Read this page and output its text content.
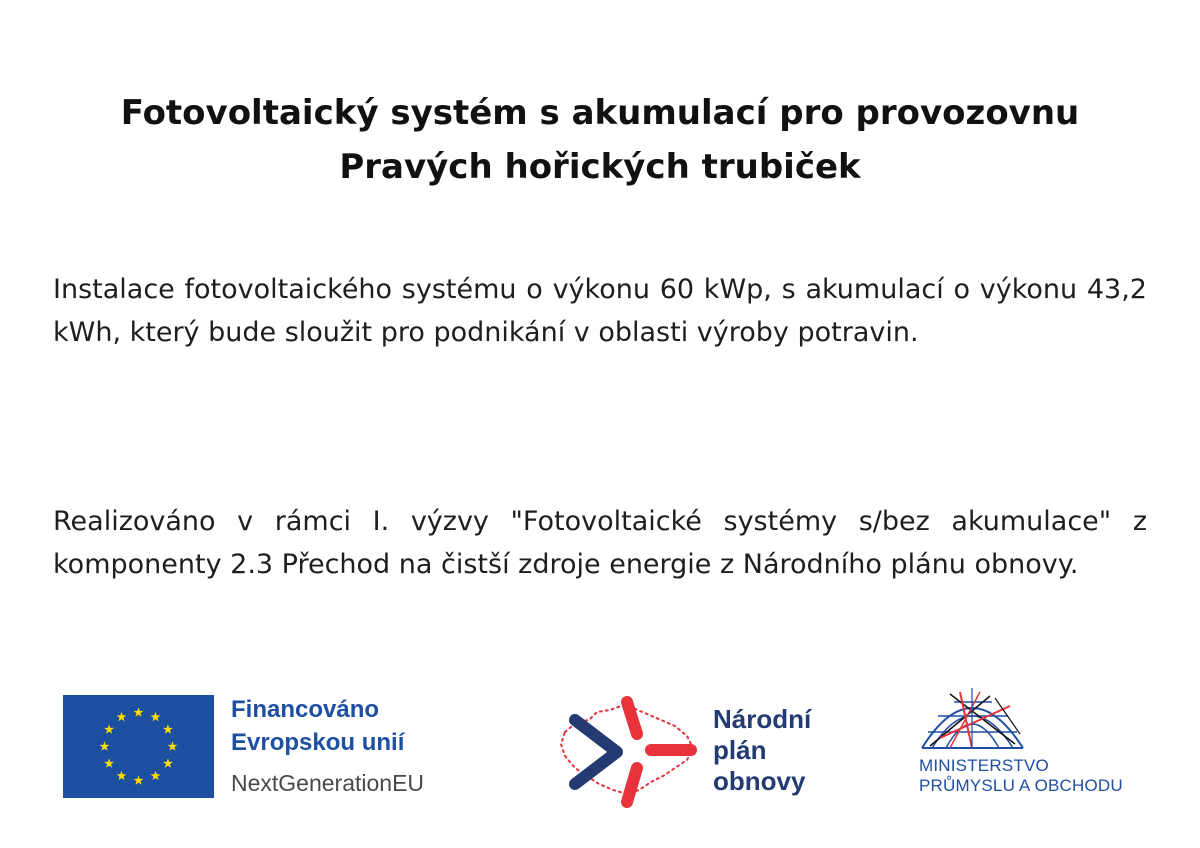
Fotovoltaický systém s akumulací pro provozovnu
Pravých hořických trubiček
Instalace fotovoltaického systému o výkonu 60 kWp, s akumulací o výkonu 43,2 kWh, který bude sloužit pro podnikání v oblasti výroby potravin.
Realizováno v rámci I. výzvy "Fotovoltaické systémy s/bez akumulace" z komponenty 2.3 Přechod na čistší zdroje energie z Národního plánu obnovy.
Financováno
Evropskou unií
NextGenerationEU
Národní
plán
obnovy
MINISTERSTVO
PRŮMYSLU A OBCHODU
